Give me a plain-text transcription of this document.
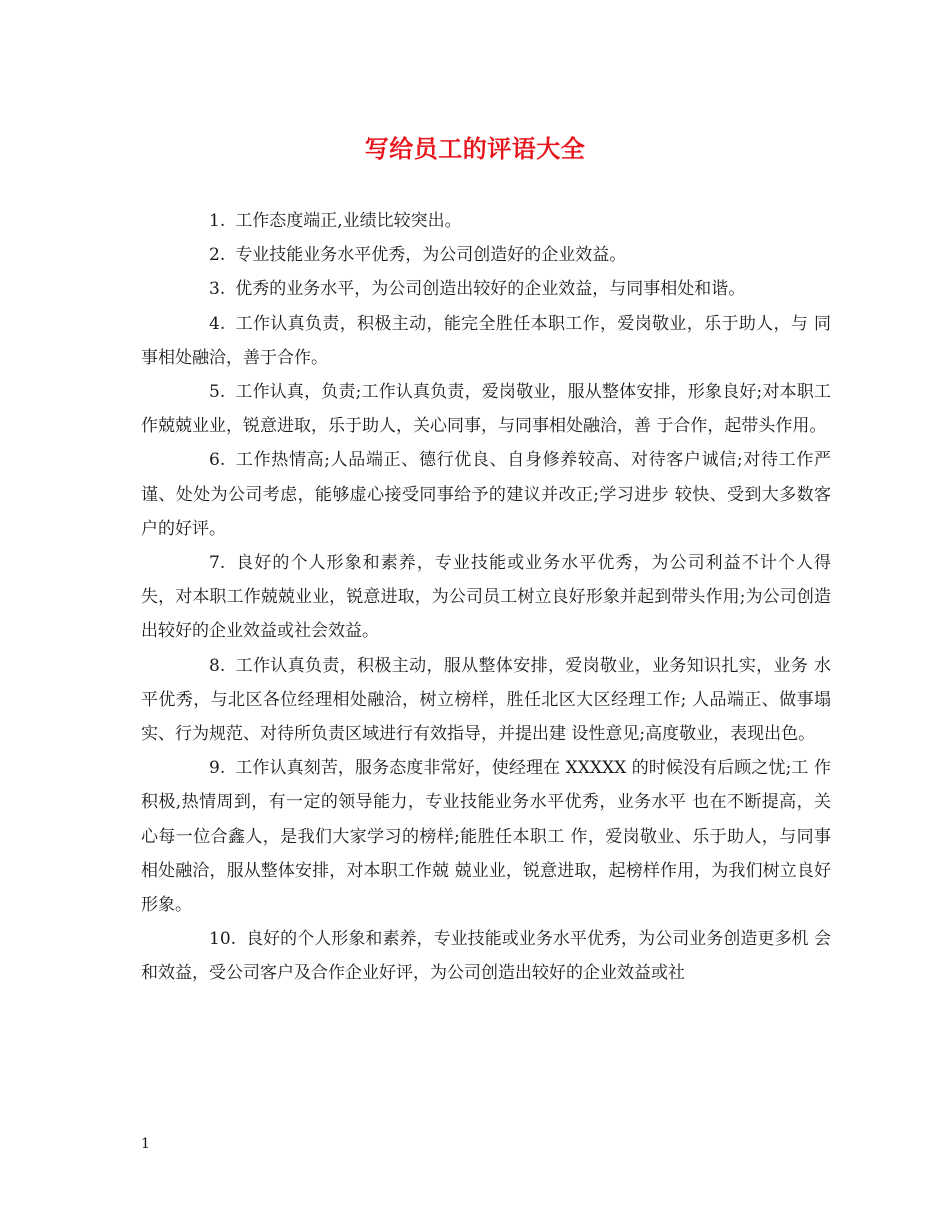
写给员工的评语大全

1. 工作态度端正,业绩比较突出。

2. 专业技能业务水平优秀，为公司创造好的企业效益。

3. 优秀的业务水平，为公司创造出较好的企业效益，与同事相处和谐。

4. 工作认真负责，积极主动，能完全胜任本职工作，爱岗敬业，乐于助人，与 同事相处融洽，善于合作。

5. 工作认真，负责;工作认真负责，爱岗敬业，服从整体安排，形象良好;对本职工作兢兢业业，锐意进取，乐于助人，关心同事，与同事相处融洽，善 于合作，起带头作用。

6. 工作热情高;人品端正、德行优良、自身修养较高、对待客户诚信;对待工作严谨、处处为公司考虑，能够虚心接受同事给予的建议并改正;学习进步 较快、受到大多数客户的好评。

7. 良好的个人形象和素养，专业技能或业务水平优秀，为公司利益不计个人得 失，对本职工作兢兢业业，锐意进取，为公司员工树立良好形象并起到带头作用;为公司创造出较好的企业效益或社会效益。

8. 工作认真负责，积极主动，服从整体安排，爱岗敬业，业务知识扎实，业务 水平优秀，与北区各位经理相处融洽，树立榜样，胜任北区大区经理工作; 人品端正、做事塌实、行为规范、对待所负责区域进行有效指导，并提出建 设性意见;高度敬业，表现出色。

9. 工作认真刻苦，服务态度非常好，使经理在 XXXXX 的时候没有后顾之忧;工 作积极,热情周到，有一定的领导能力，专业技能业务水平优秀，业务水平 也在不断提高，关心每一位合鑫人，是我们大家学习的榜样;能胜任本职工 作，爱岗敬业、乐于助人，与同事相处融洽，服从整体安排，对本职工作兢 兢业业，锐意进取，起榜样作用，为我们树立良好形象。

10. 良好的个人形象和素养，专业技能或业务水平优秀，为公司业务创造更多机 会和效益，受公司客户及合作企业好评，为公司创造出较好的企业效益或社

1
